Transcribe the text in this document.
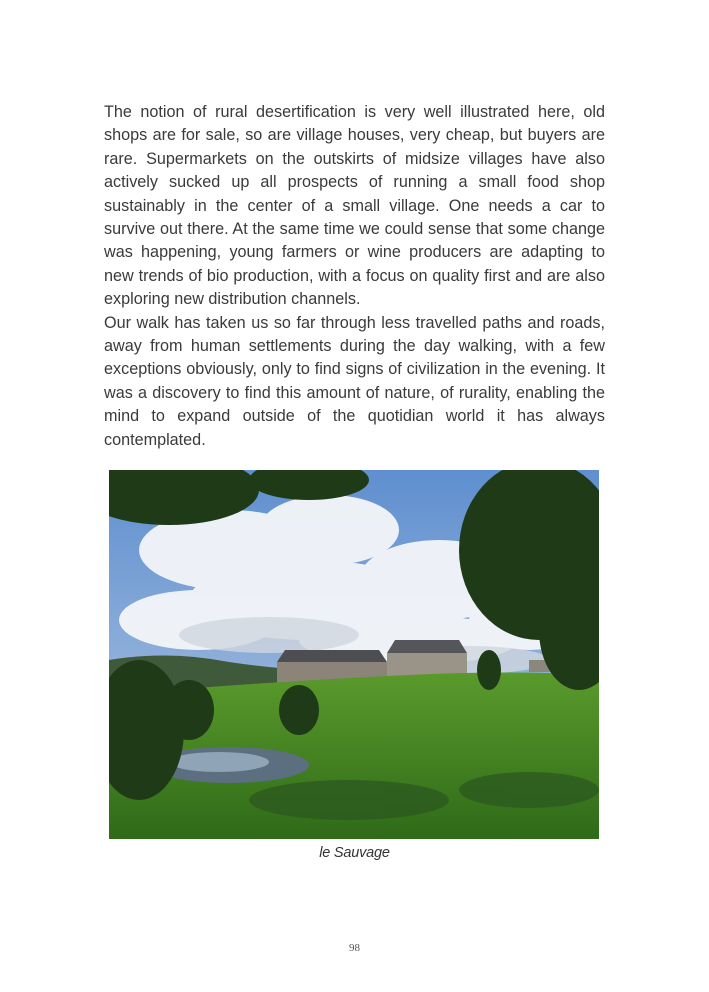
The notion of rural desertification is very well illustrated here, old shops are for sale, so are village houses, very cheap, but buyers are rare. Supermarkets on the outskirts of midsize villages have also actively sucked up all prospects of running a small food shop sustainably in the center of a small village. One needs a car to survive out there. At the same time we could sense that some change was happening, young farmers or wine producers are adapting to new trends of bio production, with a focus on quality first and are also exploring new distribution channels.

Our walk has taken us so far through less travelled paths and roads, away from human settlements during the day walking, with a few exceptions obviously, only to find signs of civilization in the evening. It was a discovery to find this amount of nature, of rurality, enabling the mind to expand outside of the quotidian world it has always contemplated.

le Sauvage
98
